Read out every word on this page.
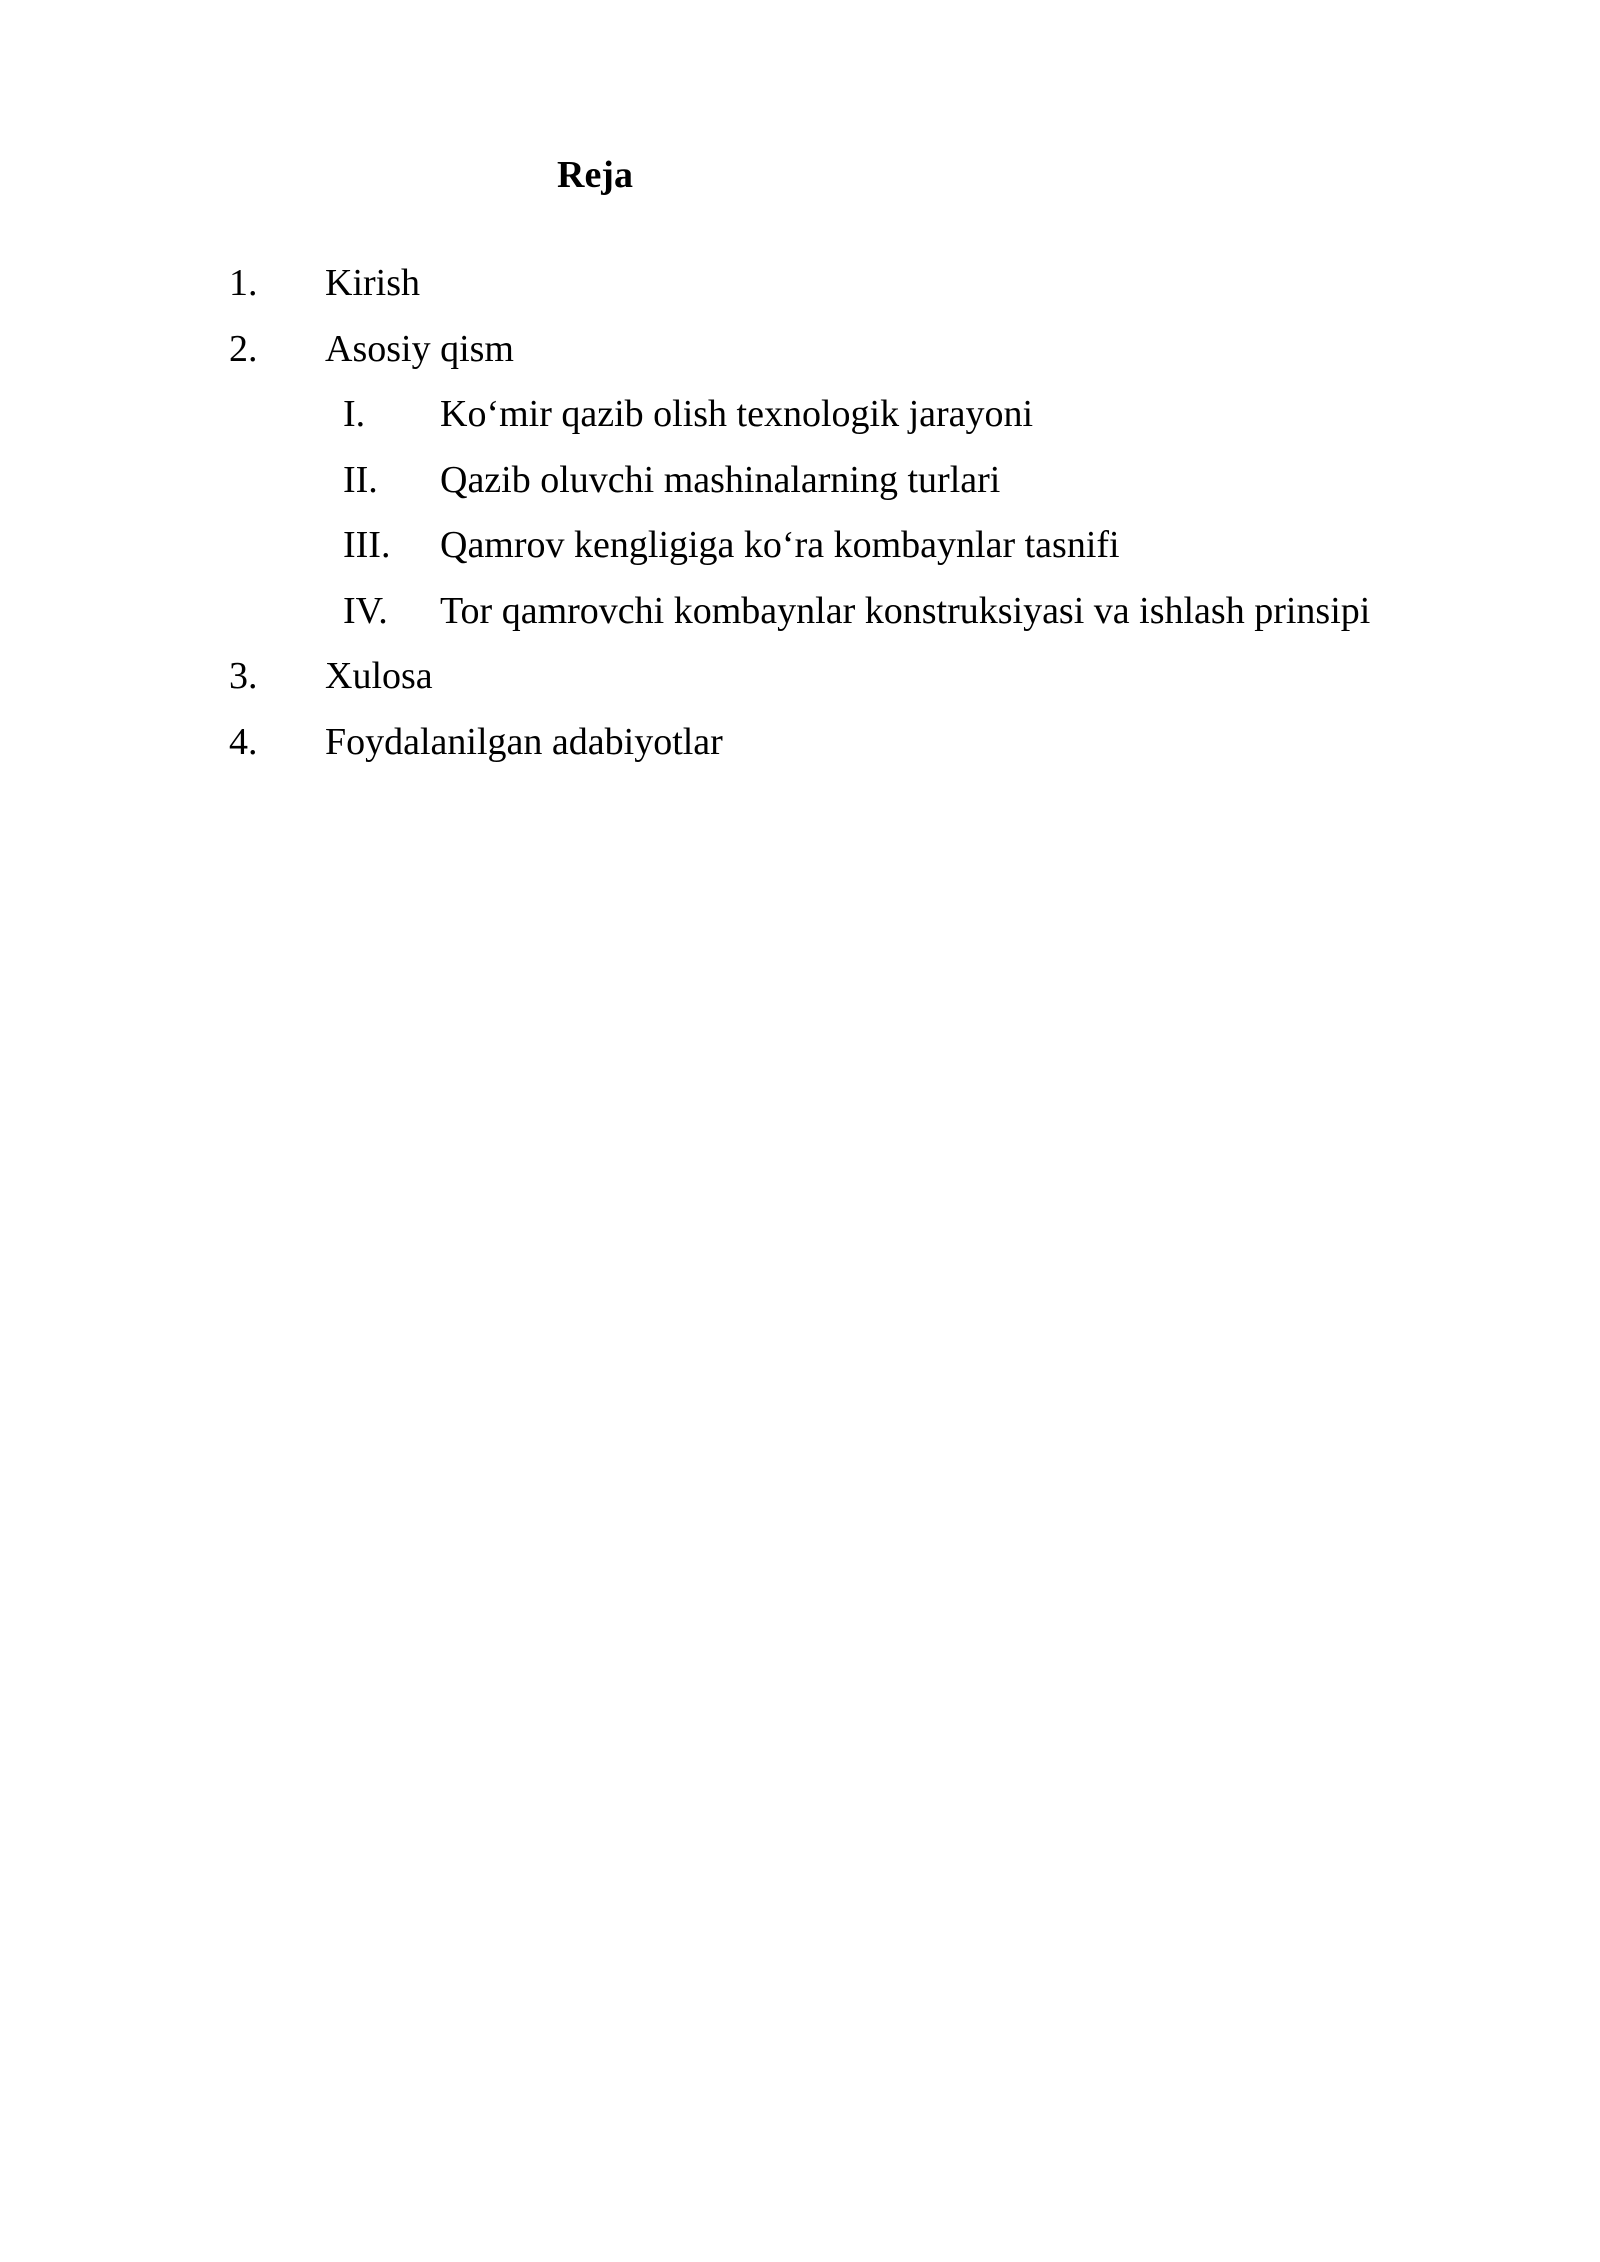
Reja
1. Kirish
2. Asosiy qism
I. Ko‘mir qazib olish texnologik jarayoni
II. Qazib oluvchi mashinalarning turlari
III. Qamrov kengligiga ko‘ra kombaynlar tasnifi
IV. Tor qamrovchi kombaynlar konstruksiyasi va ishlash prinsipi
3. Xulosa
4. Foydalanilgan adabiyotlar
